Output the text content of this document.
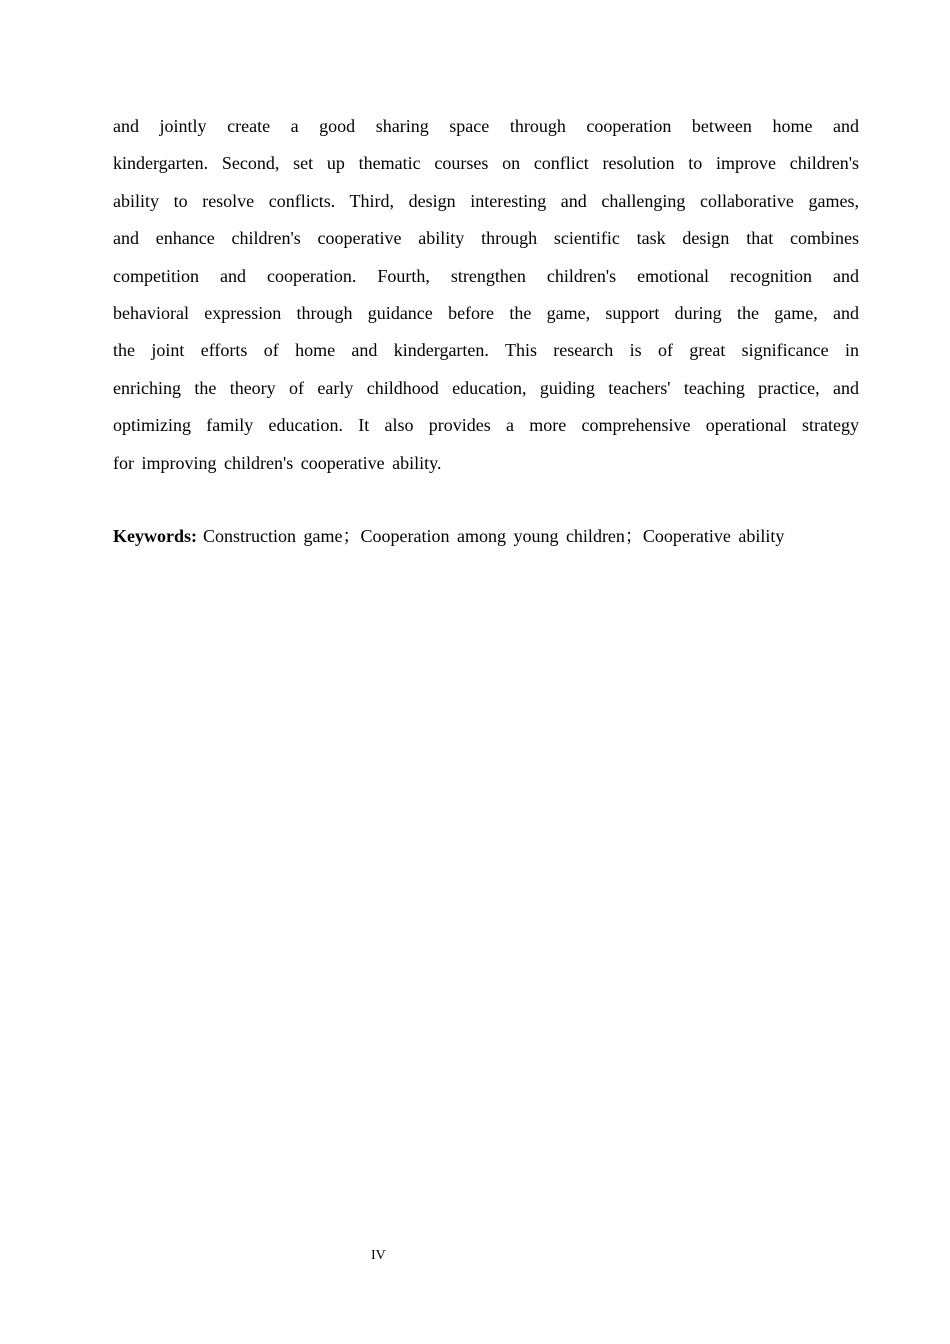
and jointly create a good sharing space through cooperation between home and
kindergarten. Second, set up thematic courses on conflict resolution to improve children's
ability to resolve conflicts. Third, design interesting and challenging collaborative games,
and enhance children's cooperative ability through scientific task design that combines
competition and cooperation. Fourth, strengthen children's emotional recognition and
behavioral expression through guidance before the game, support during the game, and
the joint efforts of home and kindergarten. This research is of great significance in
enriching the theory of early childhood education, guiding teachers' teaching practice, and
optimizing family education. It also provides a more comprehensive operational strategy
for improving children's cooperative ability.
Keywords: Construction game；Cooperation among young children；Cooperative ability
IV
